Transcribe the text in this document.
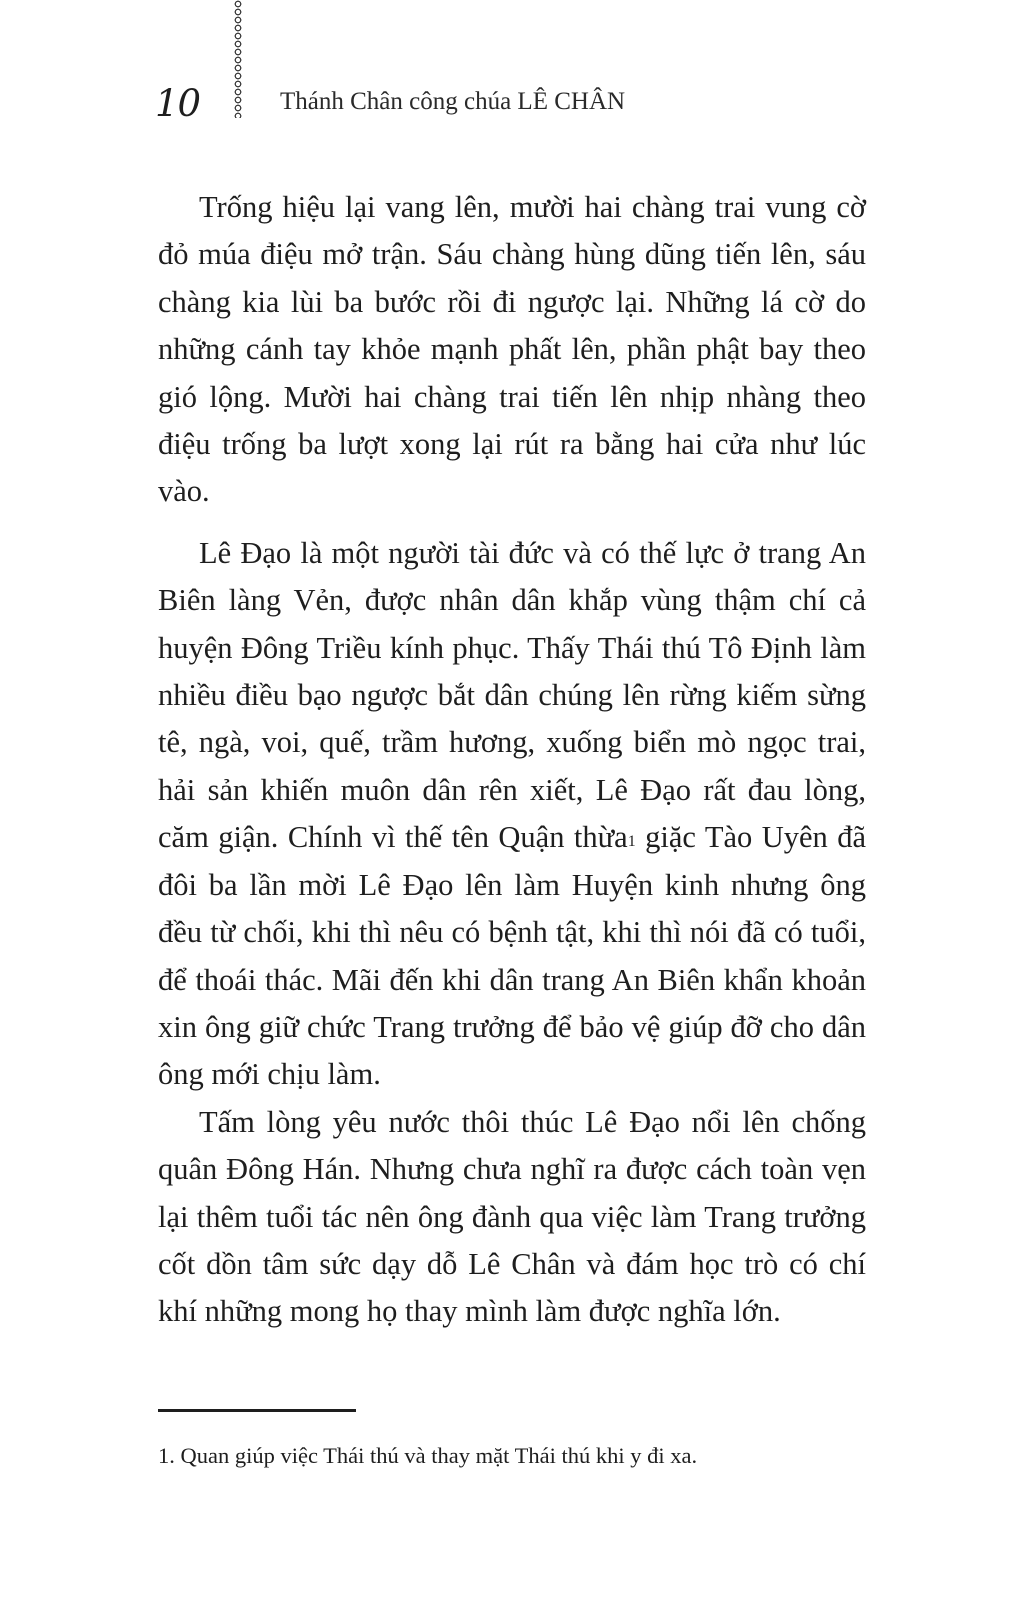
10	Thánh Chân công chúa LÊ CHÂN

Trống hiệu lại vang lên, mười hai chàng trai vung cờ đỏ múa điệu mở trận. Sáu chàng hùng dũng tiến lên, sáu chàng kia lùi ba bước rồi đi ngược lại. Những lá cờ do những cánh tay khỏe mạnh phất lên, phần phật bay theo gió lộng. Mười hai chàng trai tiến lên nhịp nhàng theo điệu trống ba lượt xong lại rút ra bằng hai cửa như lúc vào.

Lê Đạo là một người tài đức và có thế lực ở trang An Biên làng Vẻn, được nhân dân khắp vùng thậm chí cả huyện Đông Triều kính phục. Thấy Thái thú Tô Định làm nhiều điều bạo ngược bắt dân chúng lên rừng kiếm sừng tê, ngà, voi, quế, trầm hương, xuống biển mò ngọc trai, hải sản khiến muôn dân rên xiết, Lê Đạo rất đau lòng, căm giận. Chính vì thế tên Quận thừa$^1$ giặc Tào Uyên đã đôi ba lần mời Lê Đạo lên làm Huyện kinh nhưng ông đều từ chối, khi thì nêu có bệnh tật, khi thì nói đã có tuổi, để thoái thác. Mãi đến khi dân trang An Biên khẩn khoản xin ông giữ chức Trang trưởng để bảo vệ giúp đỡ cho dân ông mới chịu làm.

Tấm lòng yêu nước thôi thúc Lê Đạo nổi lên chống quân Đông Hán. Nhưng chưa nghĩ ra được cách toàn vẹn lại thêm tuổi tác nên ông đành qua việc làm Trang trưởng cốt dồn tâm sức dạy dỗ Lê Chân và đám học trò có chí khí những mong họ thay mình làm được nghĩa lớn.

1. Quan giúp việc Thái thú và thay mặt Thái thú khi y đi xa.
